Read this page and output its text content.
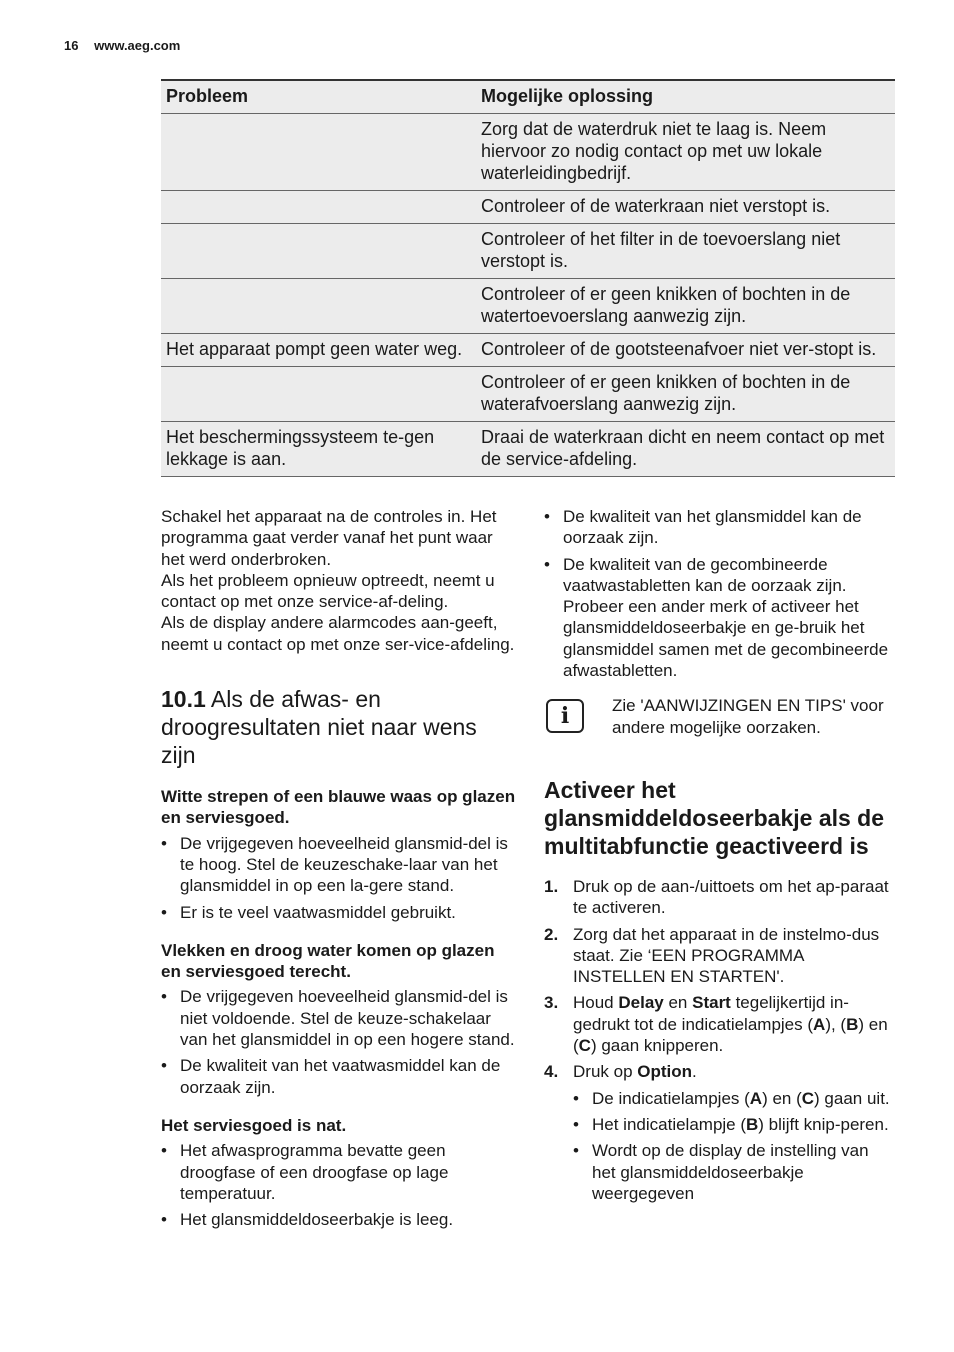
16 www.aeg.com
Probleem	Mogelijke oplossing
	Zorg dat de waterdruk niet te laag is. Neem hiervoor zo nodig contact op met uw lokale waterleidingbedrijf.
	Controleer of de waterkraan niet verstopt is.
	Controleer of het filter in de toevoerslang niet verstopt is.
	Controleer of er geen knikken of bochten in de watertoevoerslang aanwezig zijn.
Het apparaat pompt geen water weg.	Controleer of de gootsteenafvoer niet ver-stopt is.
	Controleer of er geen knikken of bochten in de waterafvoerslang aanwezig zijn.
Het beschermingssysteem te-gen lekkage is aan.	Draai de waterkraan dicht en neem contact op met de service-afdeling.

Schakel het apparaat na de controles in. Het programma gaat verder vanaf het punt waar het werd onderbroken.

Als het probleem opnieuw optreedt, neemt u contact op met onze service-af-deling.

Als de display andere alarmcodes aan-geeft, neemt u contact op met onze ser-vice-afdeling.

10.1 Als de afwas- en droogresultaten niet naar wens zijn

Witte strepen of een blauwe waas op glazen en serviesgoed.

• De vrijgegeven hoeveelheid glansmid-del is te hoog. Stel de keuzeschake-laar van het glansmiddel in op een la-gere stand.
• Er is te veel vaatwasmiddel gebruikt.

Vlekken en droog water komen op glazen en serviesgoed terecht.

• De vrijgegeven hoeveelheid glansmid-del is niet voldoende. Stel de keuze-schakelaar van het glansmiddel in op een hogere stand.
• De kwaliteit van het vaatwasmiddel kan de oorzaak zijn.

Het serviesgoed is nat.

• Het afwasprogramma bevatte geen droogfase of een droogfase op lage temperatuur.
• Het glansmiddeldoseerbakje is leeg.
• De kwaliteit van het glansmiddel kan de oorzaak zijn.
• De kwaliteit van de gecombineerde vaatwastabletten kan de oorzaak zijn. Probeer een ander merk of activeer het glansmiddeldoseerbakje en ge-bruik het glansmiddel samen met de gecombineerde afwastabletten.
i	Zie 'AANWIJZINGEN EN TIPS' voor andere mogelijke oorzaken.

Activeer het glansmiddeldoseerbakje als de multitabfunctie geactiveerd is
1. Druk op de aan-/uittoets om het ap-paraat te activeren.
2. Zorg dat het apparaat in de instelmo-dus staat. Zie ‘EEN PROGRAMMA INSTELLEN EN STARTEN'.
3. Houd Delay en Start tegelijkertijd in-gedrukt tot de indicatielampjes (A), (B) en (C) gaan knipperen.
4. Druk op Option.
• De indicatielampjes (A) en (C) gaan uit.
• Het indicatielampje (B) blijft knip-peren.
• Wordt op de display de instelling van het glansmiddeldoseerbakje weergegeven
